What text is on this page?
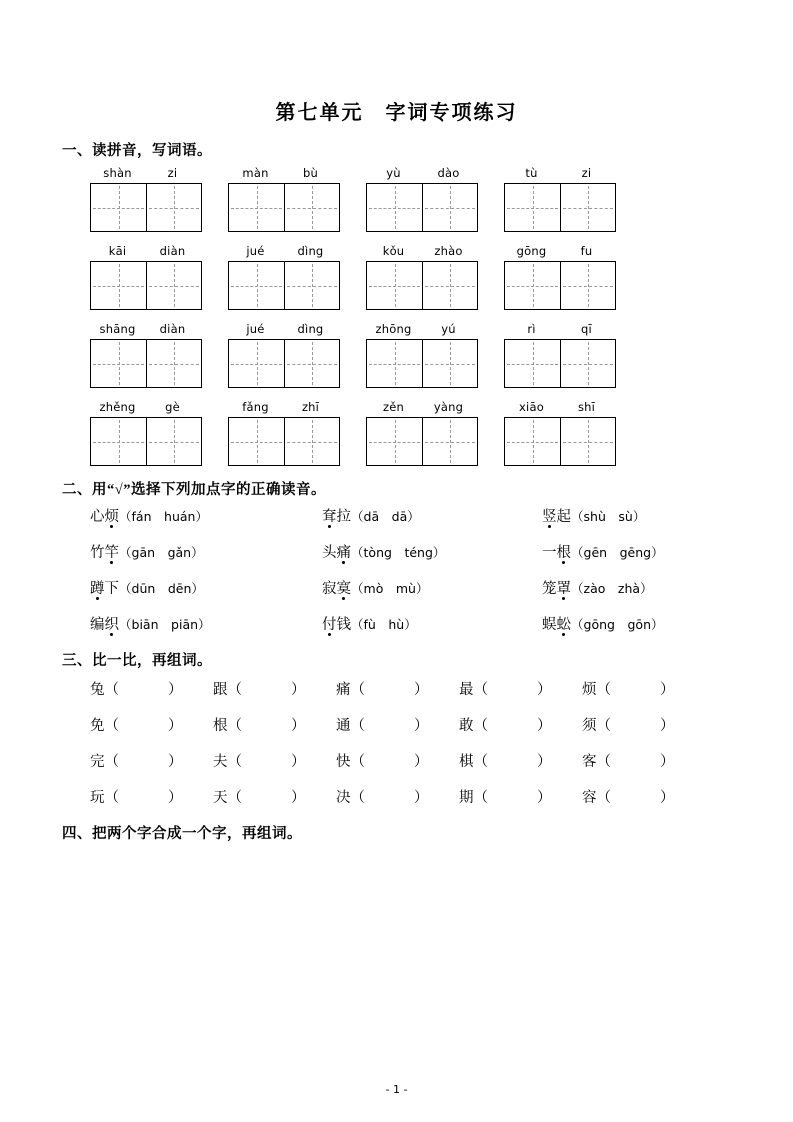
第七单元　字词专项练习
一、读拼音，写词语。
shàn	zi	màn	bù	yù	dào	tù	zi
kāi	diàn	jué	dìng	kǒu	zhào	gōng	fu
shāng	diàn	jué	dìng	zhōng	yú	rì	qī
zhěng	gè	fǎng	zhī	zěn	yàng	xiāo	shī
二、用“√”选择下列加点字的正确读音。
心烦 （fán　 huán）	耷拉 （dā　 dā）	竖起 （shù　 sù）
竹竿 （gān　 gǎn）	头痛 （tòng　 téng）	一根 （gēn　 gēng）
蹲下 （dūn　 dēn）	寂寞 （mò　 mù）	笼罩 （zào　 zhà）
编织 （biān　 piān）	付钱 （fù　 hù）	蜈蚣 （gōng　 gōn）
三、比一比，再组词。
兔（　　	）	跟（　　	）	痛（　　	）	最（　　	）	烦（　　	）
免（　　	）	根（　　	）	通（　　	）	敢（　　	）	须（　　	）
完（　　	）	夫（　　	）	快（　　	）	棋（　　	）	客（　　	）
玩（　　	）	天（　　	）	决（　　	）	期（　　	）	容（　　	）
四、把两个字合成一个字，再组词。
- 1 -
